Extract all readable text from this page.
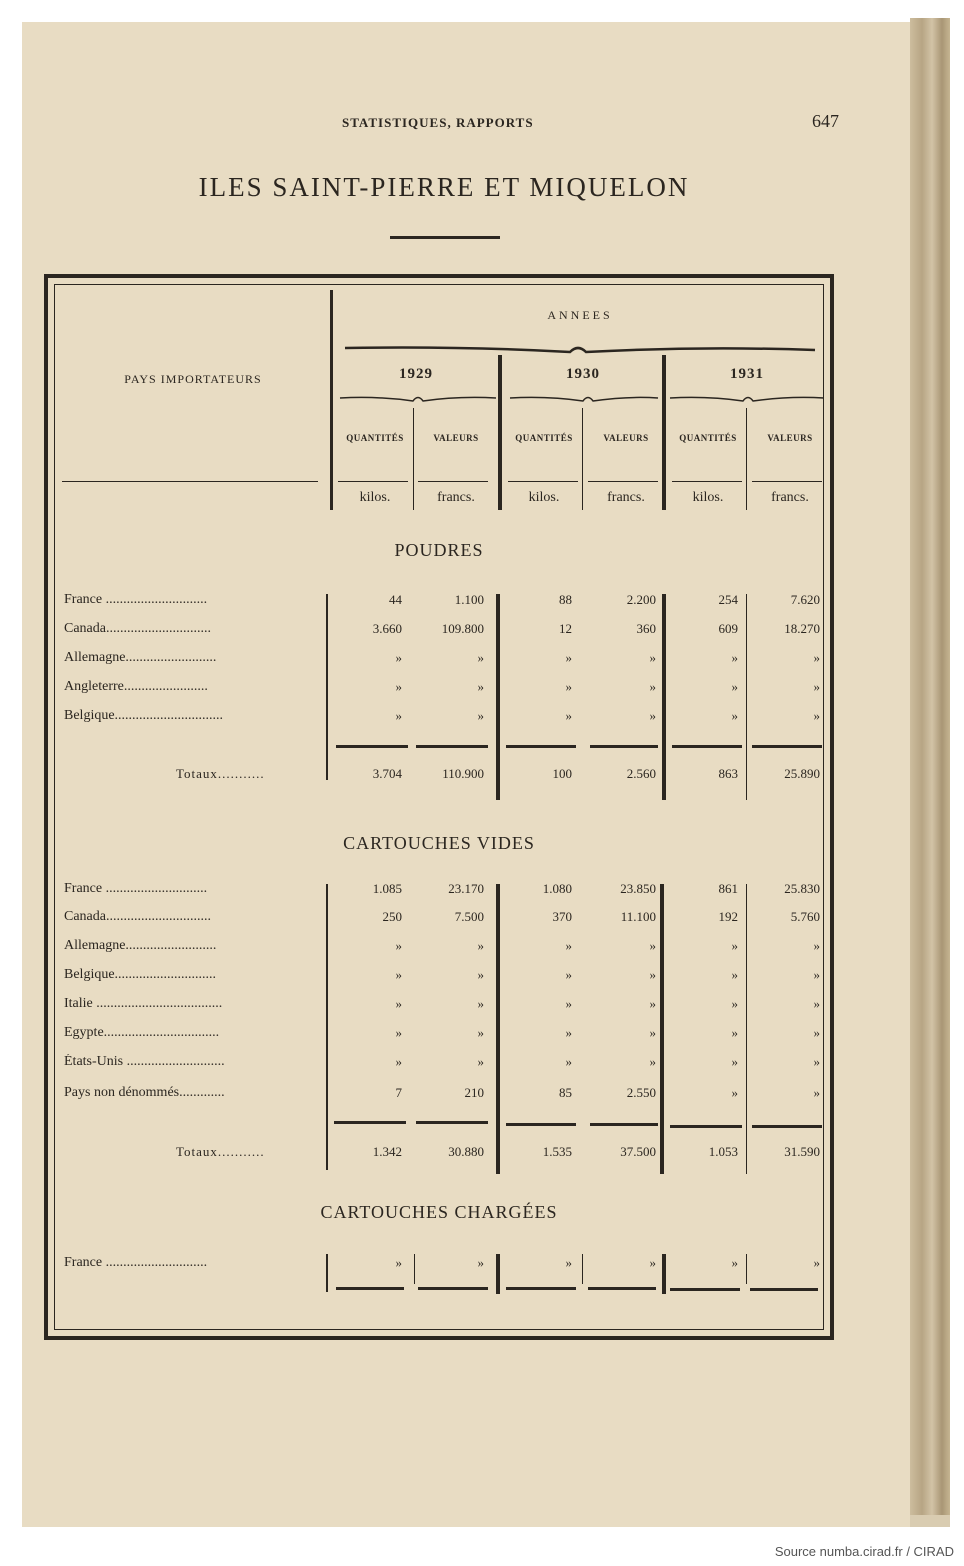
STATISTIQUES, RAPPORTS	647
ILES SAINT-PIERRE ET MIQUELON
PAYS IMPORTATEURS
ANNEES
1929	1930	1931
QUANTITÉS	VALEURS	QUANTITÉS	VALEURS	QUANTITÉS	VALEURS
kilos.	francs.	kilos.	francs.	kilos.	francs.
POUDRES
France .............................	44	1.100	88	2.200	254	7.620
Canada..............................	3.660	109.800	12	360	609	18.270
Allemagne..........................	»	»	»	»	»	»
Angleterre........................	»	»	»	»	»	»
Belgique...............................	»	»	»	»	»	»
Totaux...........	3.704	110.900	100	2.560	863	25.890
CARTOUCHES VIDES
France .............................	1.085	23.170	1.080	23.850	861	25.830
Canada..............................	250	7.500	370	11.100	192	5.760
Allemagne..........................	»	»	»	»	»	»
Belgique.............................	»	»	»	»	»	»
Italie ....................................	»	»	»	»	»	»
Egypte.................................	»	»	»	»	»	»
États-Unis ............................	»	»	»	»	»	»
Pays non dénommés.............	7	210	85	2.550	»	»
Totaux...........	1.342	30.880	1.535	37.500	1.053	31.590
CARTOUCHES CHARGÉES
France .............................	»	»	»	»	»	»
Source numba.cirad.fr / CIRAD
